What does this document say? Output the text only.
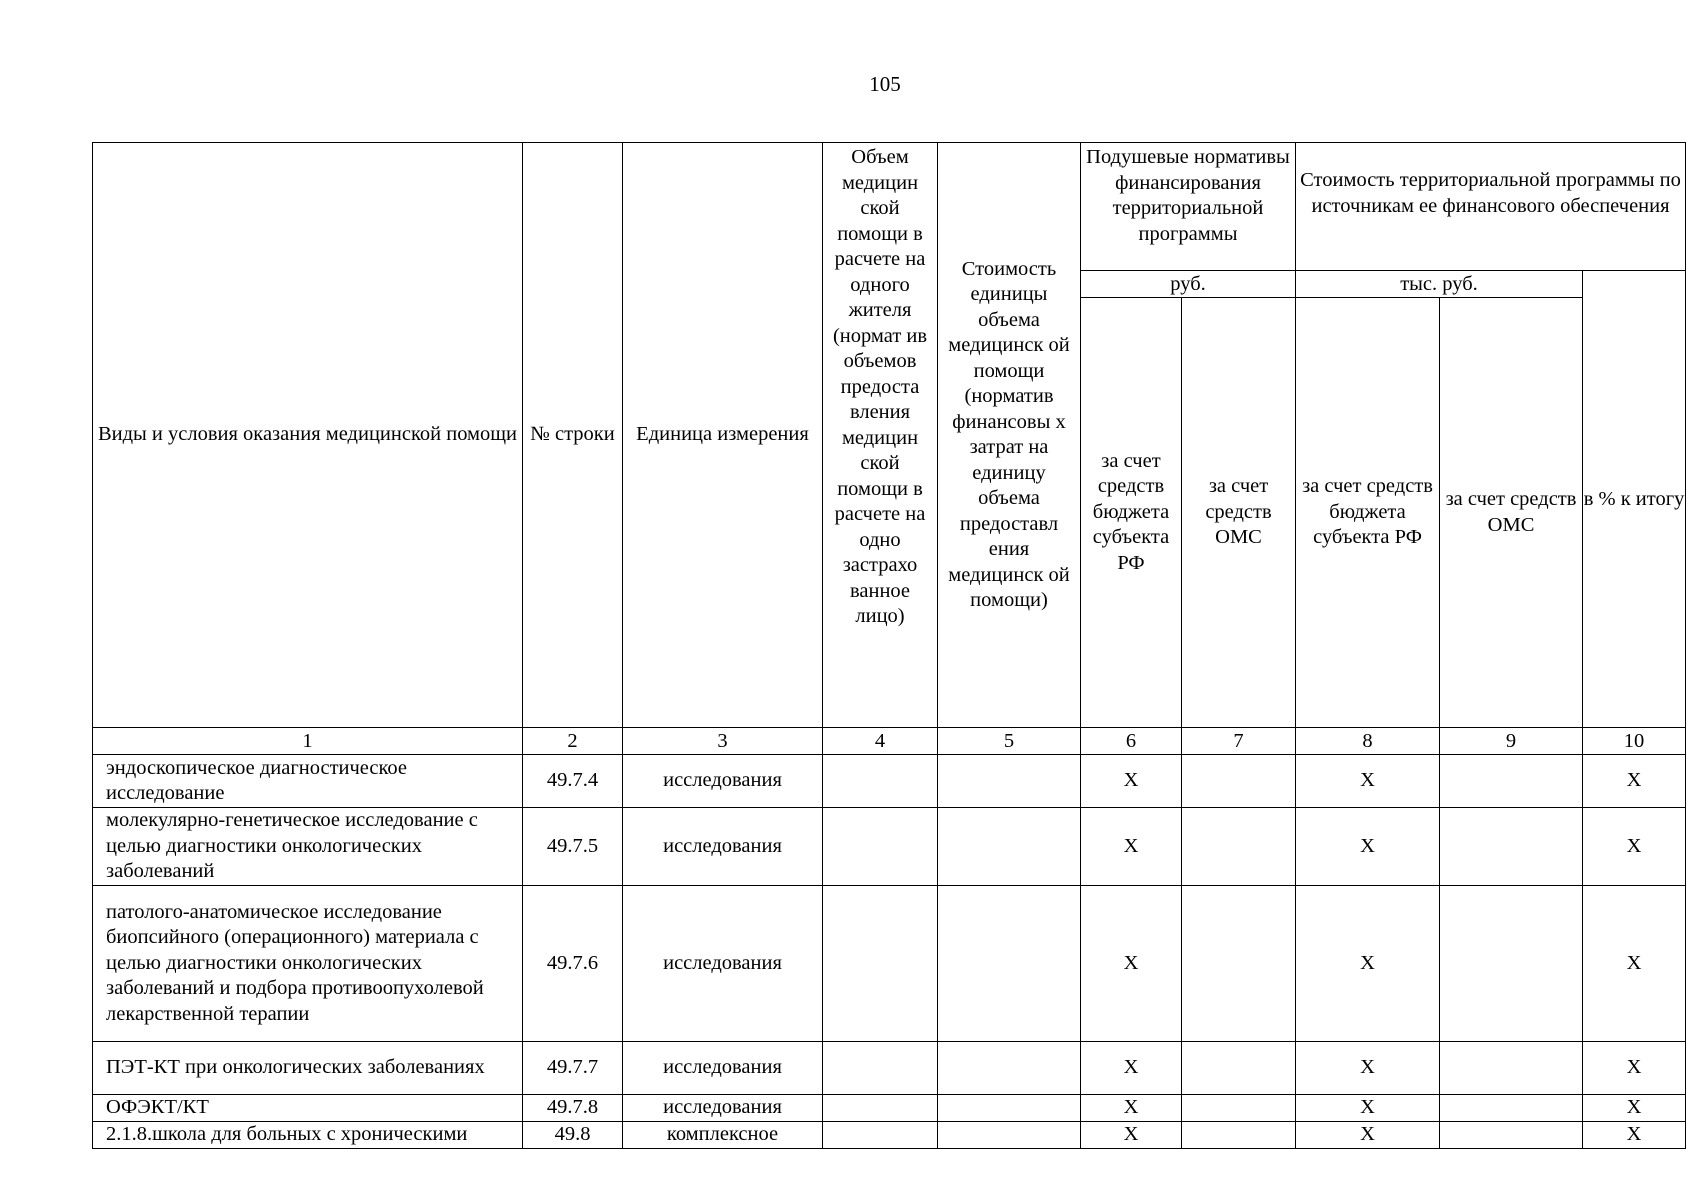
105
Виды и условия оказания медицинской помощи	№ строки	Единица измерения	Объем медицин ской помощи в расчете на одного жителя (нормат ив объемов предоста вления медицин ской помощи в расчете на одно застрахо ванное лицо)	Стоимость единицы объема медицинск ой помощи (норматив финансовы х затрат на единицу объема предоставл ения медицинск ой помощи)	Подушевые нормативы финансирования территориальной программы		Стоимость территориальной программы по источникам ее финансового обеспечения		
					руб.		тыс. руб.		в % к итогу
					за счет средств бюджета субъекта РФ	за счет средств ОМС	за счет средств бюджета субъекта РФ	за счет средств ОМС	
1	2	3	4	5	6	7	8	9	10
эндоскопическое диагностическое исследование	49.7.4	исследования			Х		Х		Х
молекулярно-генетическое исследование с целью диагностики онкологических заболеваний	49.7.5	исследования			Х		Х		Х
патолого-анатомическое исследование биопсийного (операционного) материала с целью диагностики онкологических заболеваний и подбора противоопухолевой лекарственной терапии	49.7.6	исследования			Х		Х		Х
ПЭТ-КТ при онкологических заболеваниях	49.7.7	исследования			Х		Х		Х
ОФЭКТ/КТ	49.7.8	исследования			Х		Х		Х
2.1.8.школа для больных с хроническими	49.8	комплексное			Х		Х		Х
